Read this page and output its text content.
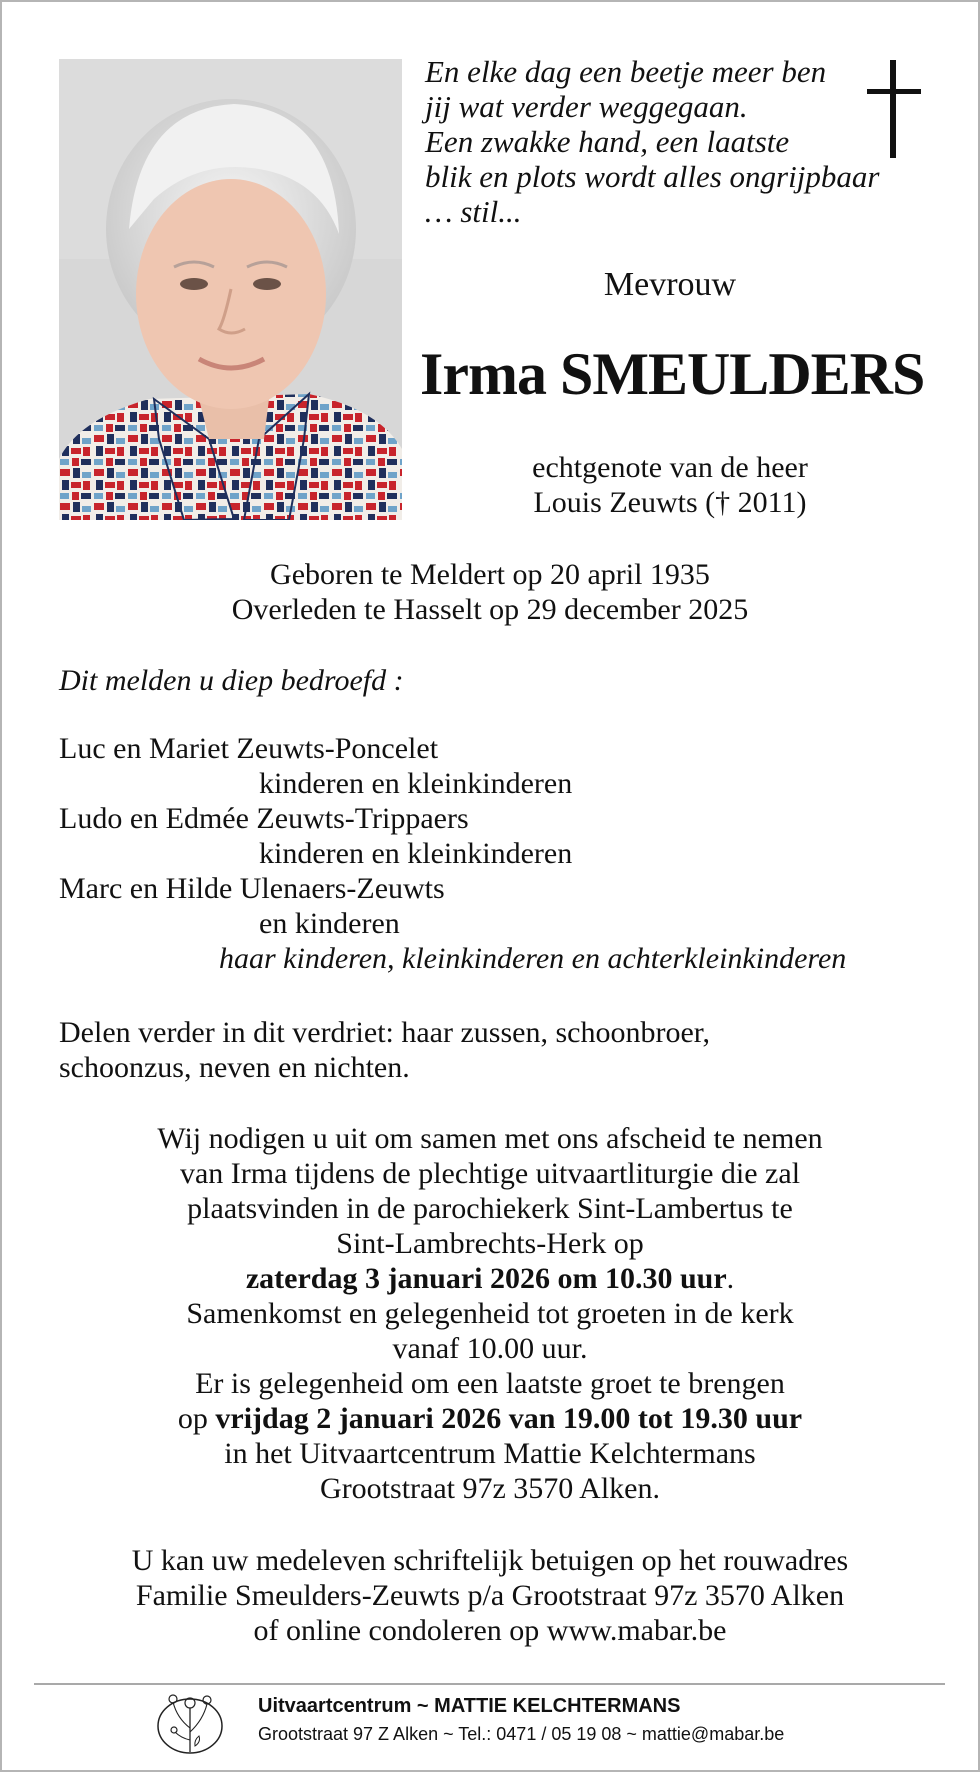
En elke dag een beetje meer ben
jij wat verder weggegaan.
Een zwakke hand, een laatste
blik en plots wordt alles ongrijpbaar
… stil...
Mevrouw
Irma SMEULDERS
echtgenote van de heer
Louis Zeuwts († 2011)
Geboren te Meldert op 20 april 1935
Overleden te Hasselt op 29 december 2025
Dit melden u diep bedroefd :
Luc en Mariet Zeuwts-Poncelet
kinderen en kleinkinderen
Ludo en Edmée Zeuwts-Trippaers
kinderen en kleinkinderen
Marc en Hilde Ulenaers-Zeuwts
en kinderen
haar kinderen, kleinkinderen en achterkleinkinderen
Delen verder in dit verdriet: haar zussen, schoonbroer,
schoonzus, neven en nichten.
Wij nodigen u uit om samen met ons afscheid te nemen
van Irma tijdens de plechtige uitvaartliturgie die zal
plaatsvinden in de parochiekerk Sint-Lambertus te
Sint-Lambrechts-Herk op
zaterdag 3 januari 2026 om 10.30 uur.
Samenkomst en gelegenheid tot groeten in de kerk
vanaf 10.00 uur.
Er is gelegenheid om een laatste groet te brengen
op vrijdag 2 januari 2026 van 19.00 tot 19.30 uur
in het Uitvaartcentrum Mattie Kelchtermans
Grootstraat 97z 3570 Alken.
U kan uw medeleven schriftelijk betuigen op het rouwadres
Familie Smeulders-Zeuwts p/a Grootstraat 97z 3570 Alken
of online condoleren op www.mabar.be
Uitvaartcentrum ~ MATTIE KELCHTERMANS
Grootstraat 97 Z Alken ~ Tel.: 0471 / 05 19 08 ~ mattie@mabar.be
